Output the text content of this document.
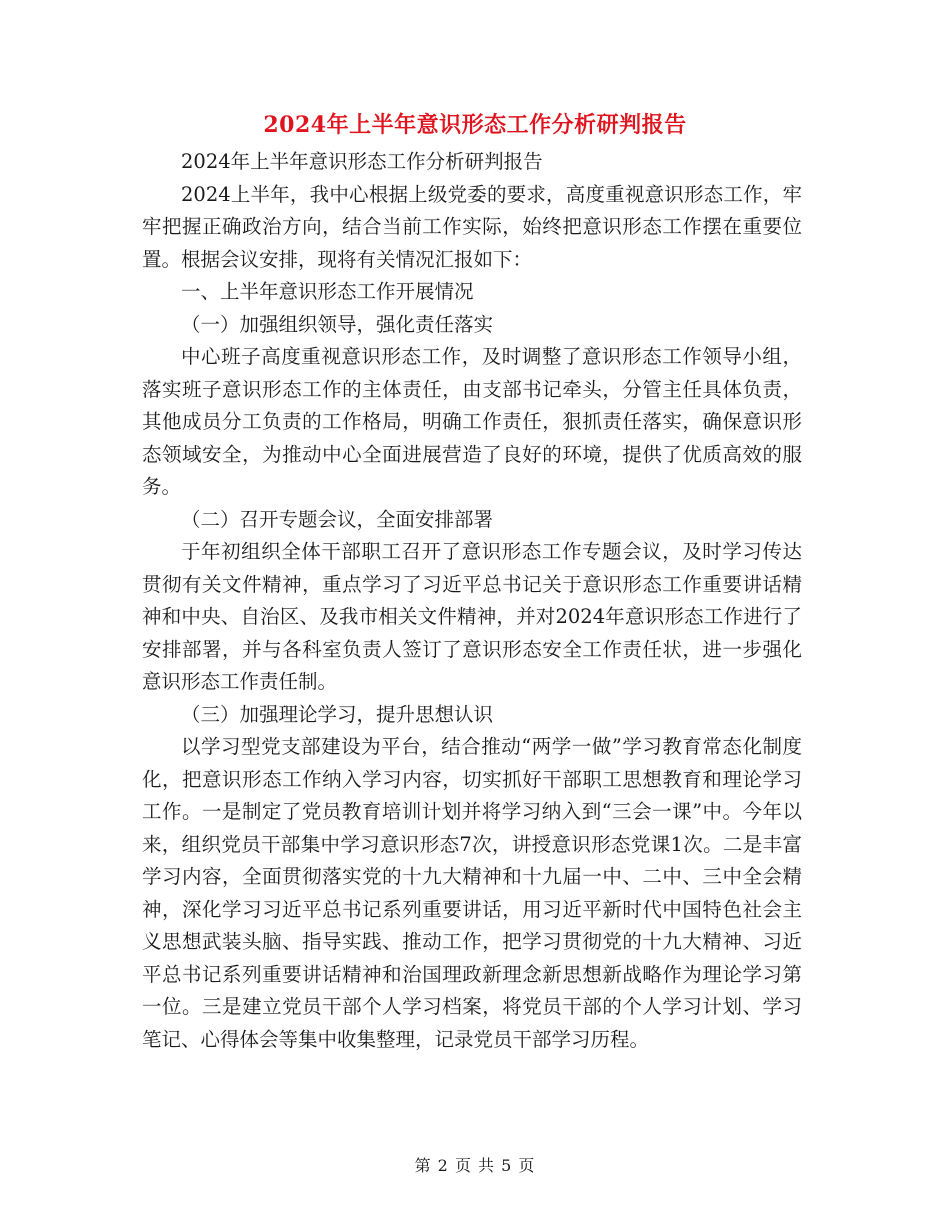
2024年上半年意识形态工作分析研判报告

2024年上半年意识形态工作分析研判报告

2024上半年，我中心根据上级党委的要求，高度重视意识形态工作，牢牢把握正确政治方向，结合当前工作实际，始终把意识形态工作摆在重要位置。根据会议安排，现将有关情况汇报如下：

一、上半年意识形态工作开展情况

（一）加强组织领导，强化责任落实

中心班子高度重视意识形态工作，及时调整了意识形态工作领导小组，落实班子意识形态工作的主体责任，由支部书记牵头，分管主任具体负责，其他成员分工负责的工作格局，明确工作责任，狠抓责任落实，确保意识形态领域安全，为推动中心全面进展营造了良好的环境，提供了优质高效的服务。

（二）召开专题会议，全面安排部署

于年初组织全体干部职工召开了意识形态工作专题会议，及时学习传达贯彻有关文件精神，重点学习了习近平总书记关于意识形态工作重要讲话精神和中央、自治区、及我市相关文件精神，并对2024年意识形态工作进行了安排部署，并与各科室负责人签订了意识形态安全工作责任状，进一步强化意识形态工作责任制。

（三）加强理论学习，提升思想认识

以学习型党支部建设为平台，结合推动“两学一做”学习教育常态化制度化，把意识形态工作纳入学习内容，切实抓好干部职工思想教育和理论学习工作。一是制定了党员教育培训计划并将学习纳入到“三会一课”中。今年以来，组织党员干部集中学习意识形态7次，讲授意识形态党课1次。二是丰富学习内容，全面贯彻落实党的十九大精神和十九届一中、二中、三中全会精神，深化学习习近平总书记系列重要讲话，用习近平新时代中国特色社会主义思想武装头脑、指导实践、推动工作，把学习贯彻党的十九大精神、习近平总书记系列重要讲话精神和治国理政新理念新思想新战略作为理论学习第一位。三是建立党员干部个人学习档案，将党员干部的个人学习计划、学习笔记、心得体会等集中收集整理，记录党员干部学习历程。

第 2 页 共 5 页
